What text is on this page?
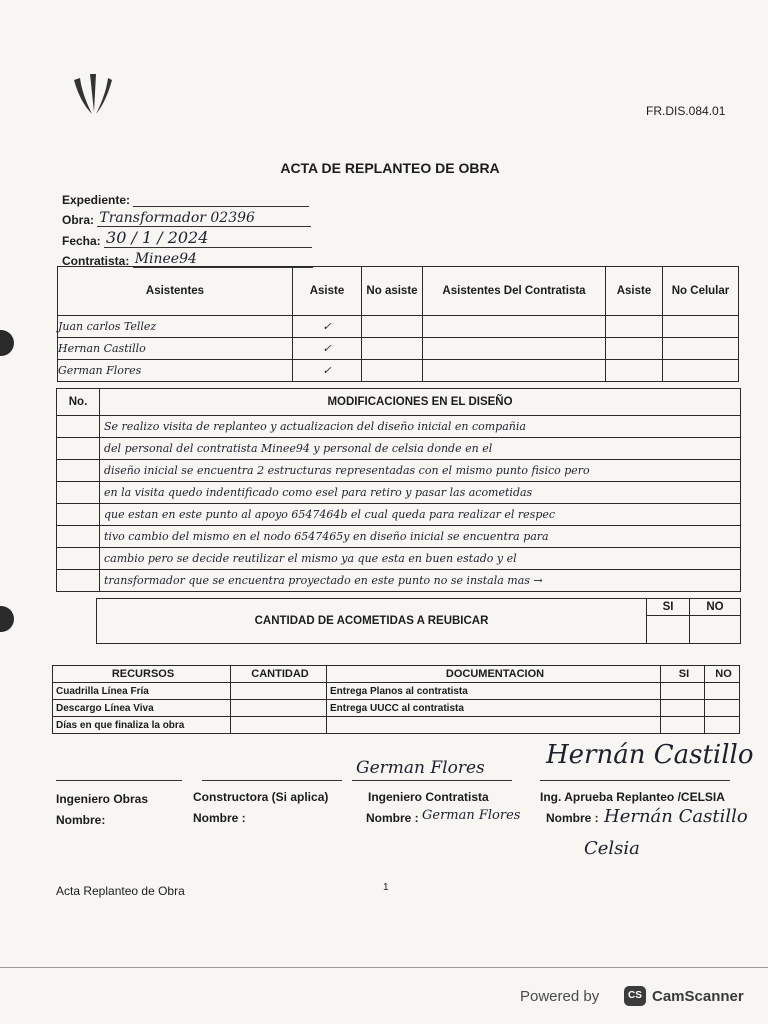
FR.DIS.084.01
ACTA DE REPLANTEO DE OBRA
Expediente:
Obra: Transformador 02396
Fecha: 30 / 1 / 2024
Contratista: Minee94
Asistentes	Asiste	No asiste	Asistentes Del Contratista	Asiste	No Celular
Juan carlos Tellez	✓				
Hernan Castillo	✓				
German Flores	✓				
No.	MODIFICACIONES EN EL DISEÑO
	Se realizo visita de replanteo y actualizacion del diseño inicial en compañia
	del personal del contratista Minee94 y personal de celsia donde en el
	diseño inicial se encuentra 2 estructuras representadas con el mismo punto fisico pero
	en la visita quedo indentificado como esel para retiro y pasar las acometidas
	que estan en este punto al apoyo 6547464b el cual queda para realizar el respec
	tivo cambio del mismo en el nodo 6547465y en diseño inicial se encuentra para
	cambio pero se decide reutilizar el mismo ya que esta en buen estado y el
	transformador que se encuentra proyectado en este punto no se instala mas →
CANTIDAD DE ACOMETIDAS A REUBICAR	SI	NO

RECURSOS	CANTIDAD	DOCUMENTACION	SI	NO
Cuadrilla Línea Fría		Entrega Planos al contratista		
Descargo Línea Viva		Entrega UUCC al contratista		
Días en que finaliza la obra				
German Flores Hernán Castillo
Ingeniero Obras	Constructora (Si aplica)	Ingeniero Contratista	Ing. Aprueba Replanteo /CELSIA
Nombre:	Nombre :	Nombre : German Flores Nombre : Hernán Castillo
Celsia
Acta Replanteo de Obra	1
Powered by	CS CamScanner
